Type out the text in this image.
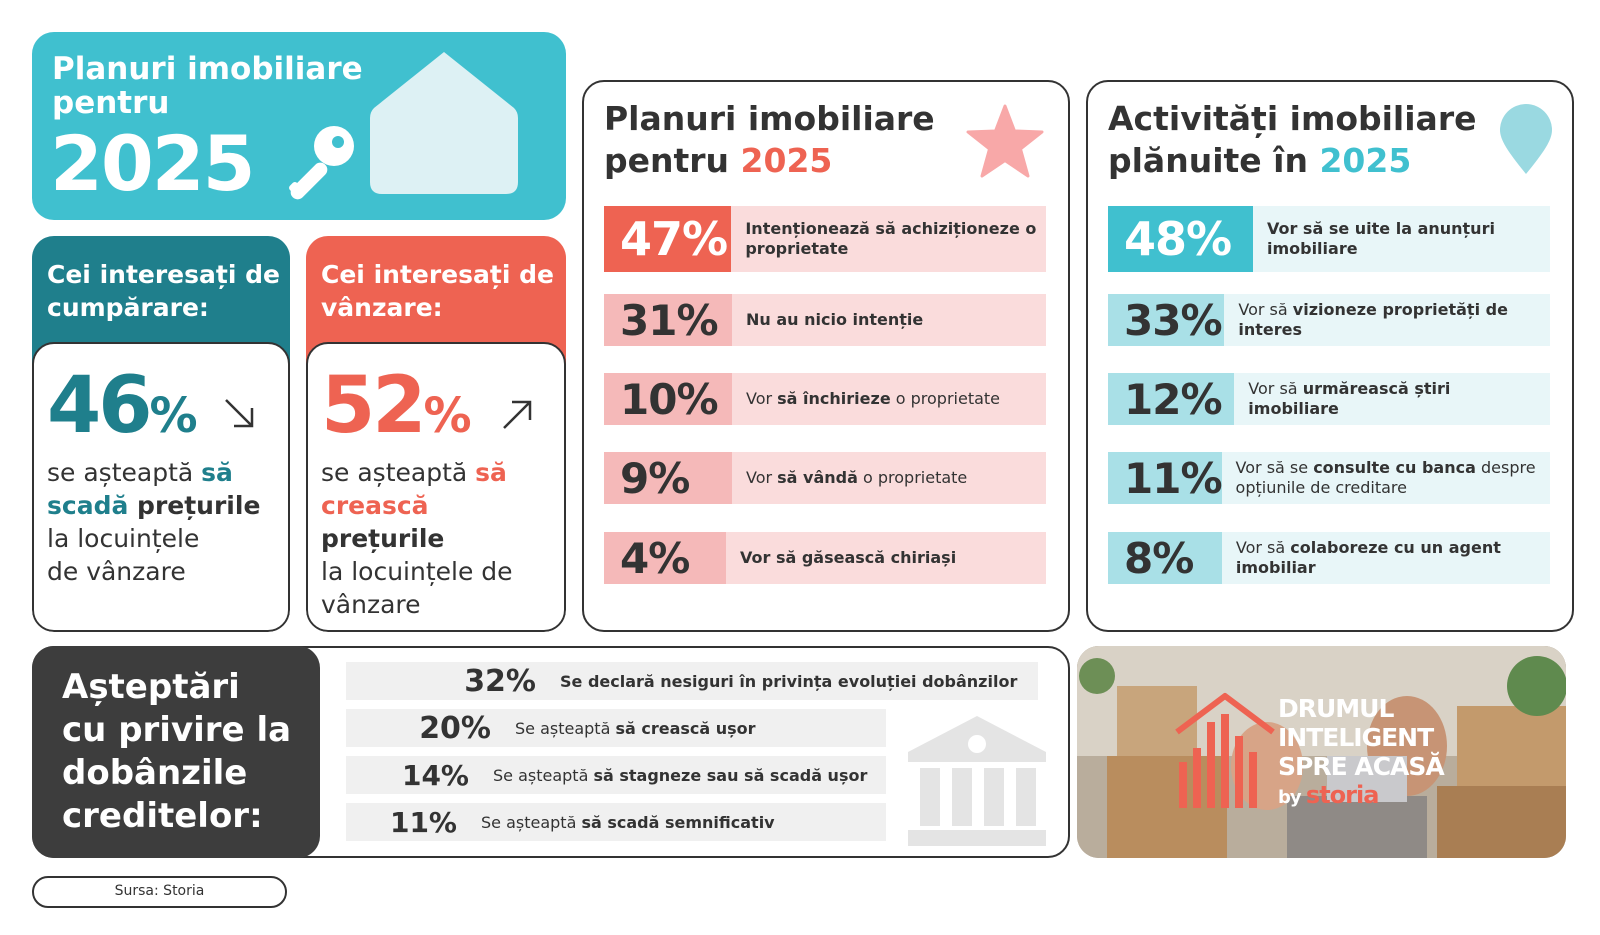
Planuri imobiliare
pentru
2025
Cei interesați de
cumpărare:
46%
se așteaptă să
scadă prețurile
la locuințele
de vânzare
Cei interesați de
vânzare:
52%
se așteaptă să
crească prețurile
la locuințele de
vânzare
Planuri imobiliare
pentru 2025
47%	Intenționează să achiziționeze o proprietate
31%	Nu au nicio intenție
10%	Vor să închirieze o proprietate
9%	Vor să vândă o proprietate
4%	Vor să găsească chiriași
Activități imobiliare
plănuite în 2025
48%	Vor să se uite la anunțuri imobiliare
33%	Vor să vizioneze proprietăți de interes
12%	Vor să urmărească știri imobiliare
11% Vor să se consulte cu banca despre opțiunile de creditare
8%	Vor să colaboreze cu un agent imobiliar
Așteptări
cu privire la
dobânzile
creditelor:
32%	Se declară nesiguri în privința evoluției dobânzilor
20%	Se așteaptă să crească ușor
14%	Se așteaptă să stagneze sau să scadă ușor
11%	Se așteaptă să scadă semnificativ
DRUMUL
INTELIGENT
SPRE ACASĂ
by storia
Sursa: Storia
